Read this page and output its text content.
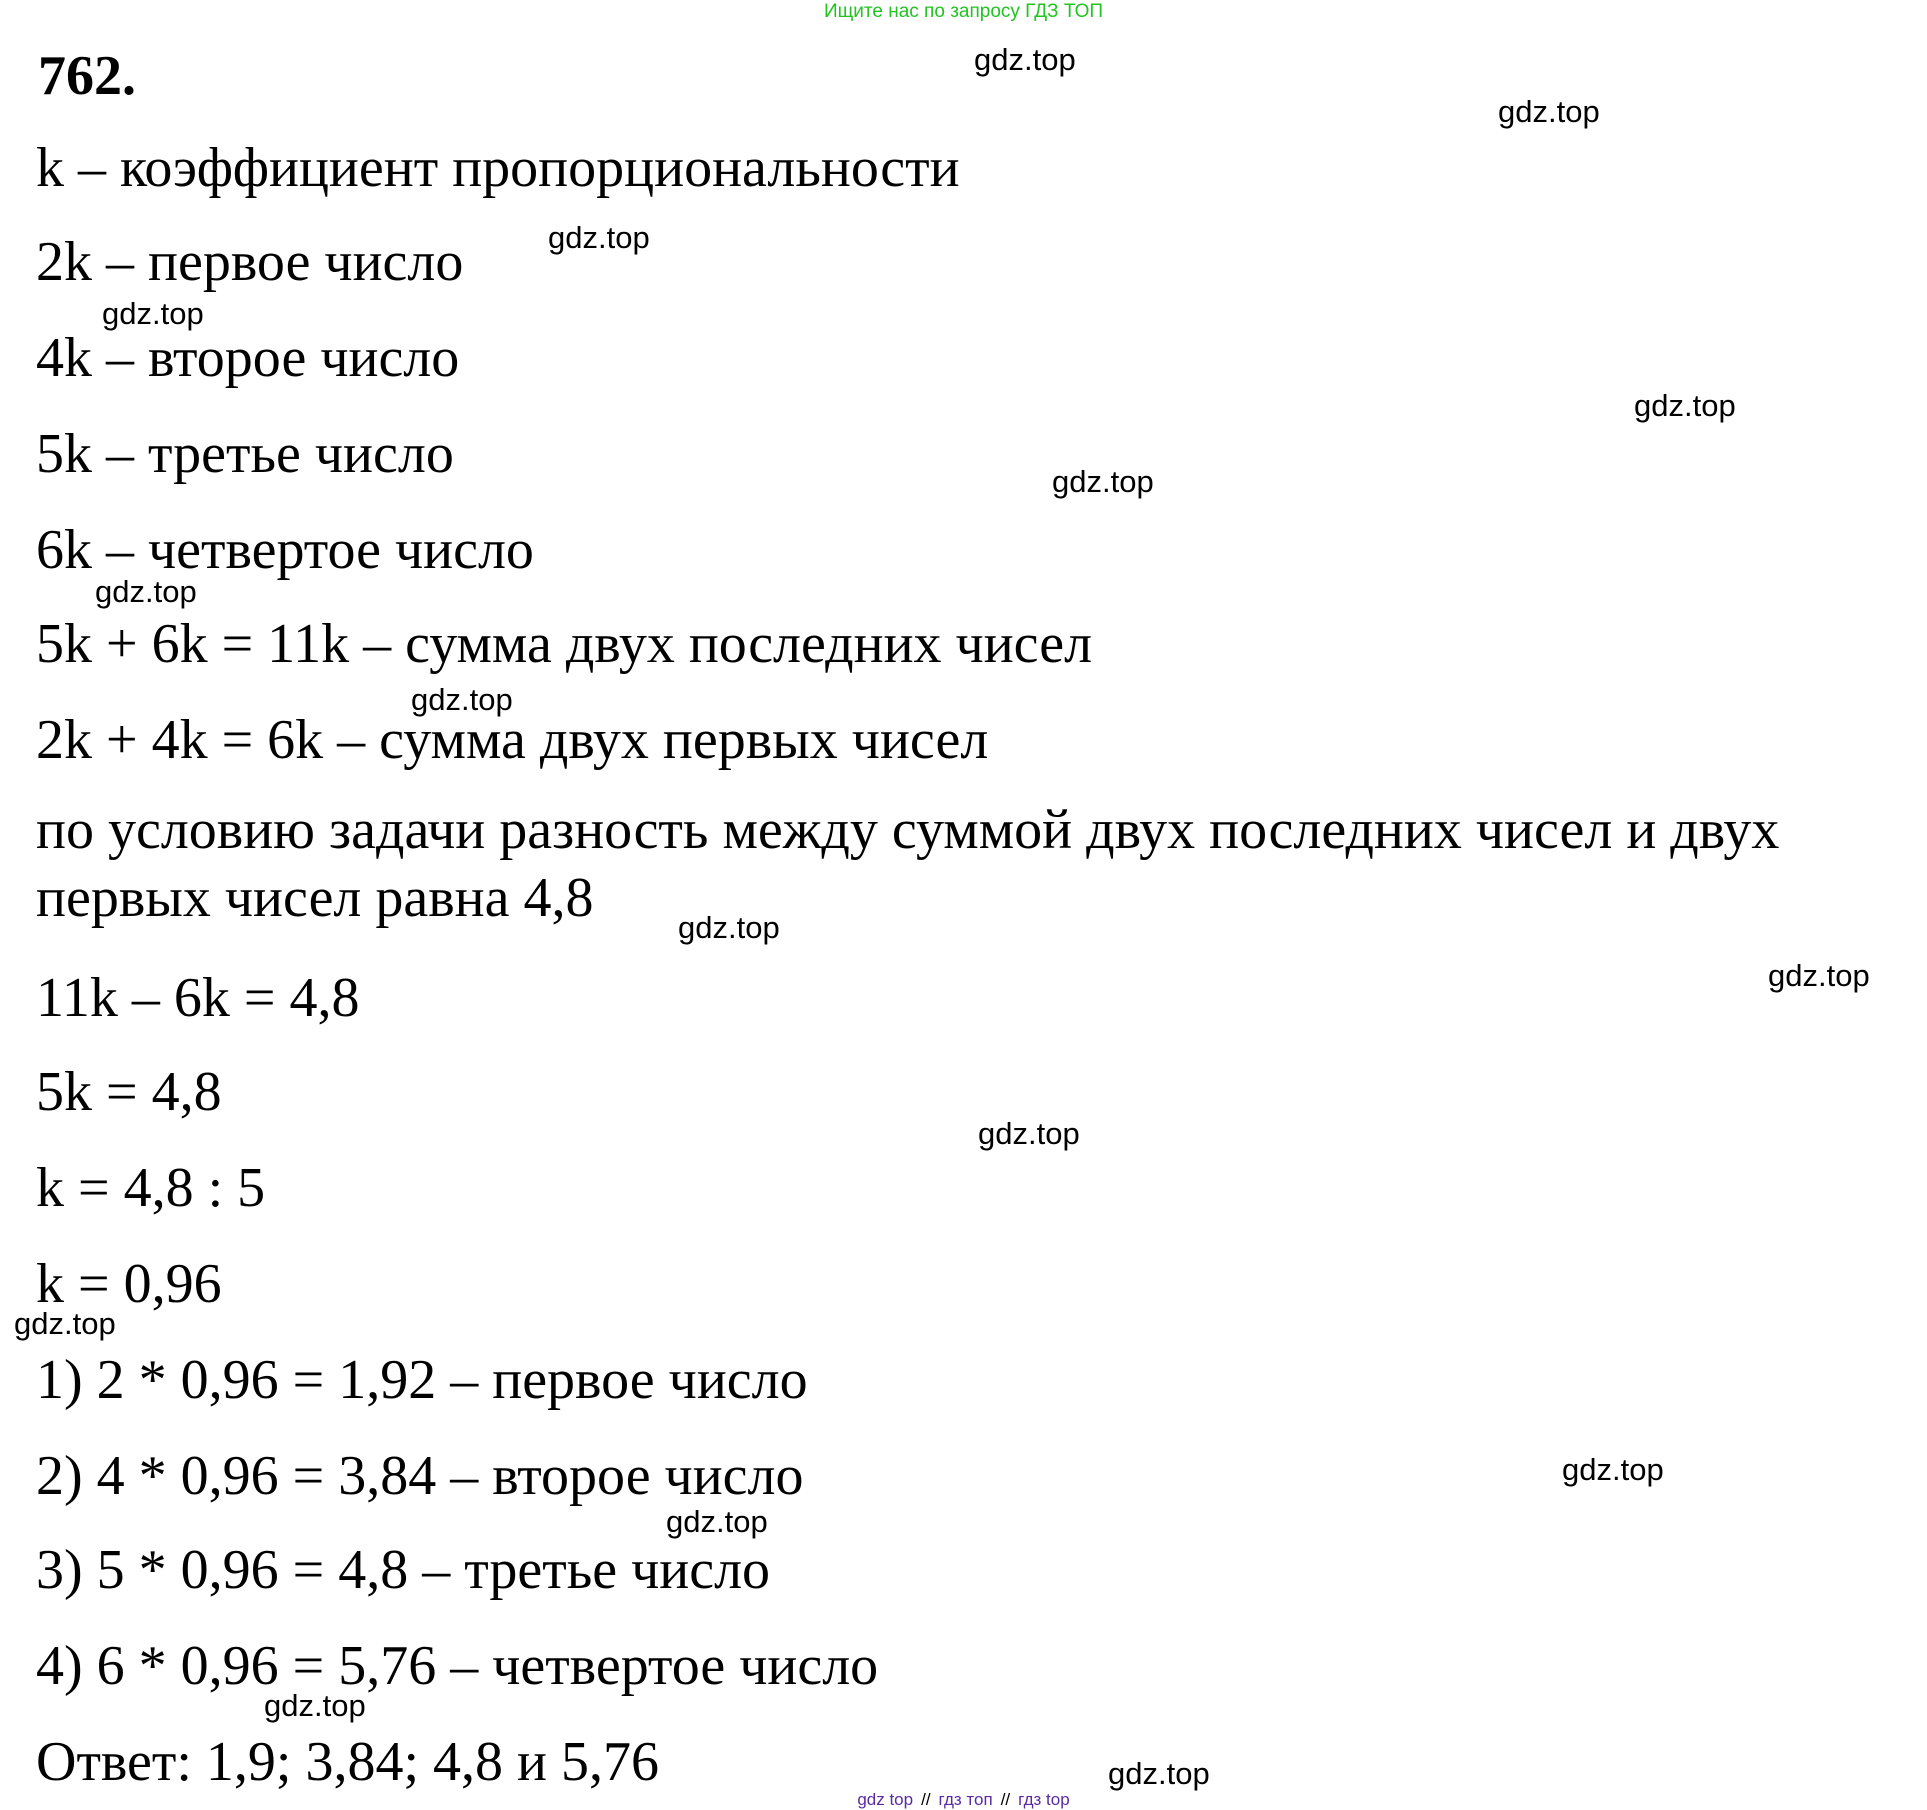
Ищите нас по запросу ГДЗ ТОП
762.
k – коэффициент пропорциональности
2k – первое число
4k – второе число
5k – третье число
6k – четвертое число
5k + 6k = 11k – сумма двух последних чисел
2k + 4k = 6k – сумма двух первых чисел
по условию задачи разность между суммой двух последних чисел и двух первых чисел равна 4,8
11k – 6k = 4,8
5k = 4,8
k = 4,8 : 5
k = 0,96
1) 2 * 0,96 = 1,92 – первое число
2) 4 * 0,96 = 3,84 – второе число
3) 5 * 0,96 = 4,8 – третье число
4) 6 * 0,96 = 5,76 – четвертое число
Ответ: 1,9; 3,84; 4,8 и 5,76
gdz.top
gdz.top
gdz.top
gdz.top
gdz.top
gdz.top
gdz.top
gdz.top
gdz.top
gdz.top
gdz.top
gdz.top
gdz.top
gdz.top
gdz.top
gdz.top
gdz top // гдз топ // гдз top
